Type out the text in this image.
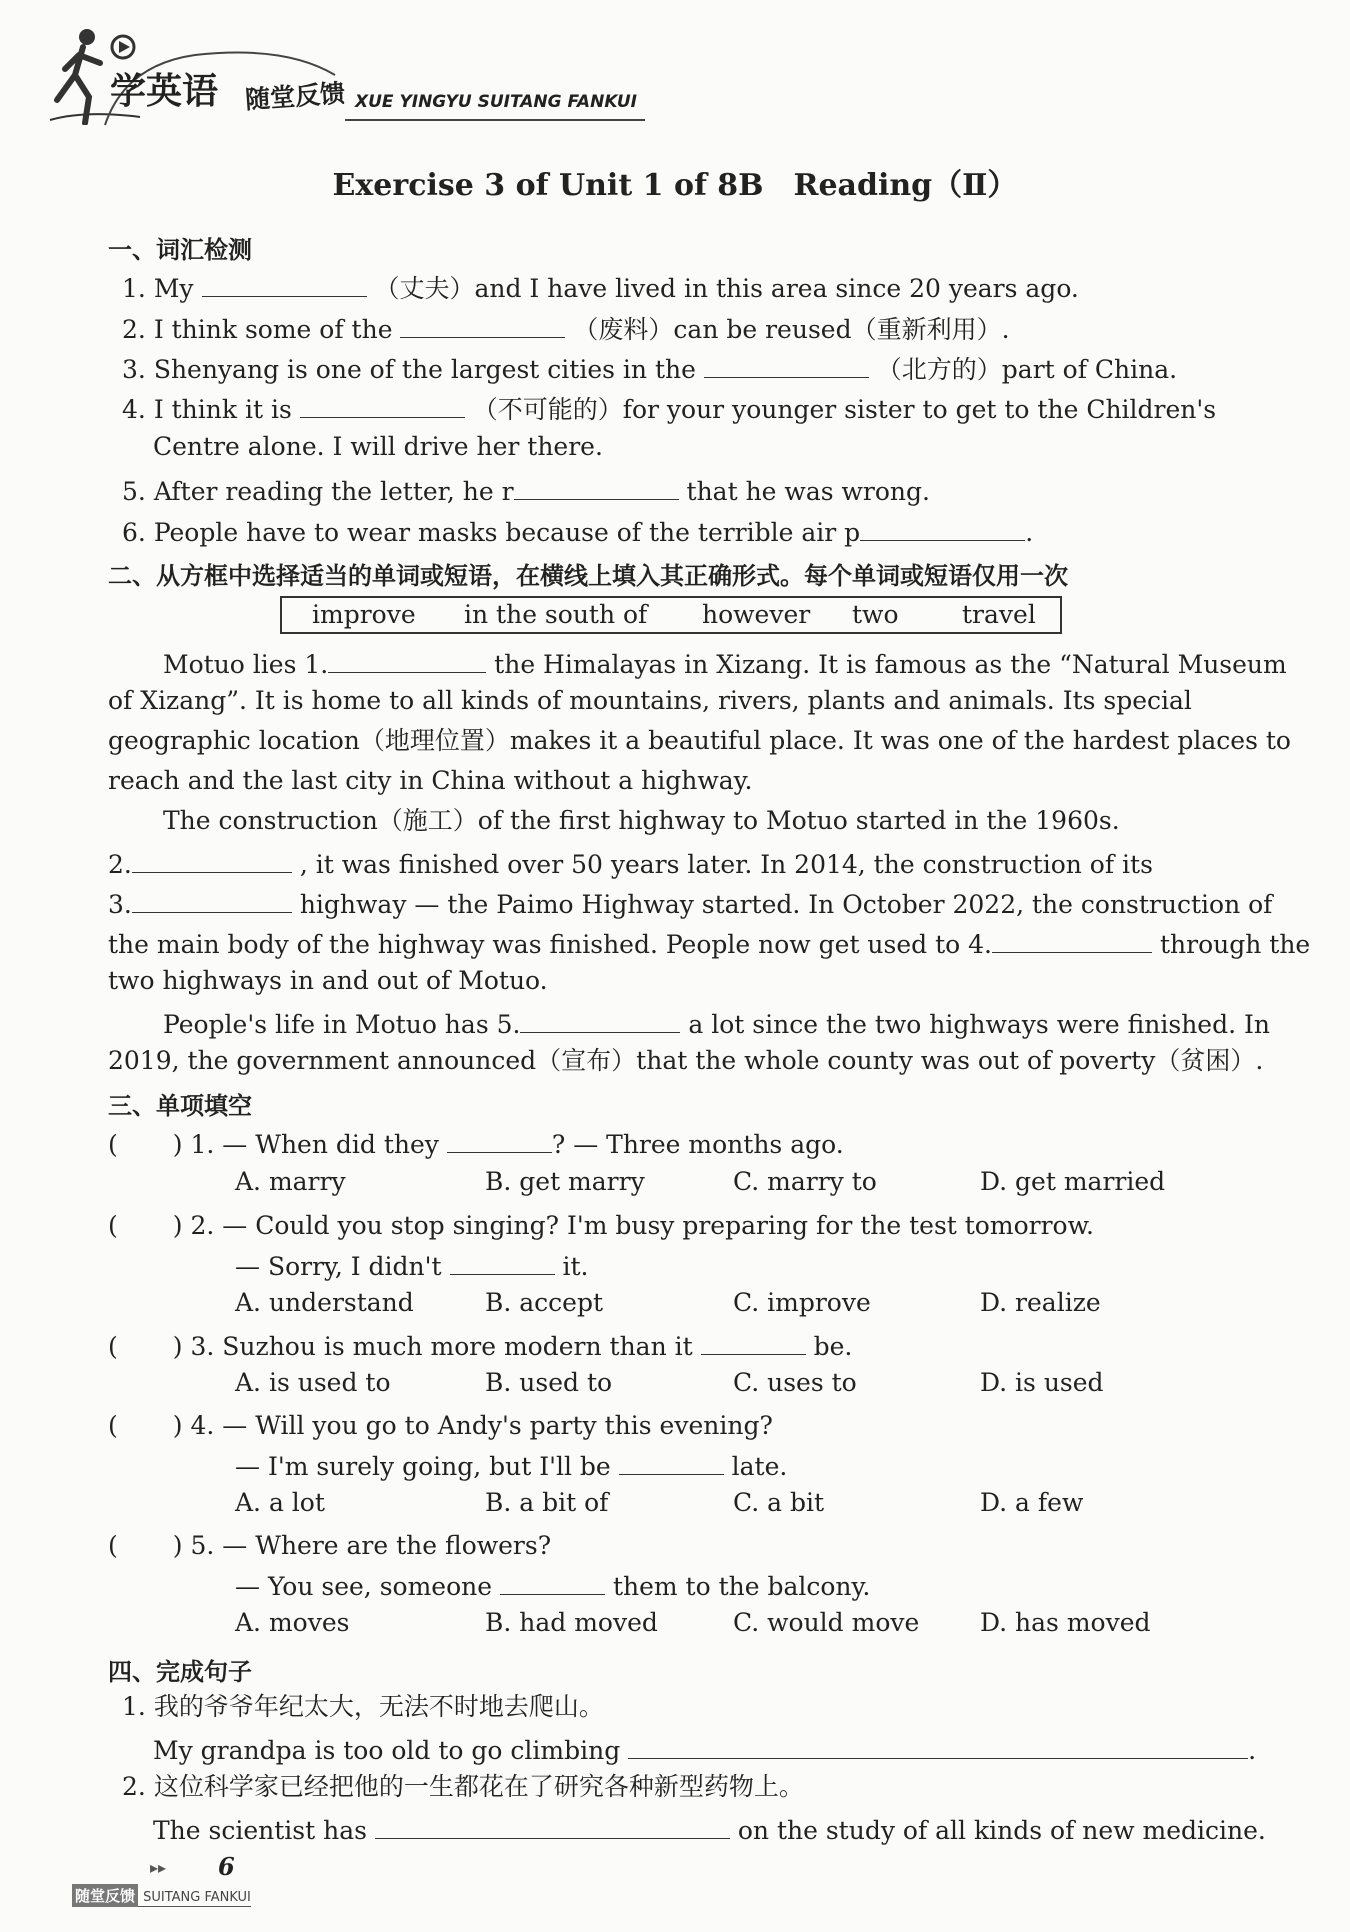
学英语 随堂反馈 XUE YINGYU SUITANG FANKUI
Exercise 3 of Unit 1 of 8B　Reading（Ⅱ）
一、词汇检测
1. My	（丈夫）and I have lived in this area since 20 years ago.
2. I think some of the	（废料）can be reused（重新利用）.
3. Shenyang is one of the largest cities in the	（北方的）part of China.
4. I think it is	（不可能的）for your younger sister to get to the Children's
Centre alone. I will drive her there.
5. After reading the letter, he r	that he was wrong.
6. People have to wear masks because of the terrible air p	.
二、从方框中选择适当的单词或短语，在横线上填入其正确形式。每个单词或短语仅用一次
improve in the south of however two	travel
Motuo lies 1.	the Himalayas in Xizang. It is famous as the “Natural Museum
of Xizang”. It is home to all kinds of mountains, rivers, plants and animals. Its special
geographic location（地理位置）makes it a beautiful place. It was one of the hardest places to
reach and the last city in China without a highway.
The construction（施工）of the first highway to Motuo started in the 1960s.
2.	, it was finished over 50 years later. In 2014, the construction of its
3.	highway — the Paimo Highway started. In October 2022, the construction of
the main body of the highway was finished. People now get used to 4.	through the
two highways in and out of Motuo.
People's life in Motuo has 5.	a lot since the two highways were finished. In
2019, the government announced（宣布）that the whole county was out of poverty（贫困）.
三、单项填空
( ) 1. — When did they	? — Three months ago.
A. marry	B. get marry	C. marry to	D. get married
( ) 2. — Could you stop singing? I'm busy preparing for the test tomorrow.
— Sorry, I didn't	it.
A. understand	B. accept	C. improve	D. realize
( ) 3. Suzhou is much more modern than it	be.
A. is used to	B. used to	C. uses to	D. is used
( ) 4. — Will you go to Andy's party this evening?
— I'm surely going, but I'll be	late.
A. a lot	B. a bit of	C. a bit	D. a few
( ) 5. — Where are the flowers?
— You see, someone	them to the balcony.
A. moves	B. had moved	C. would move D. has moved
四、完成句子
1. 我的爷爷年纪太大，无法不时地去爬山。
My grandpa is too old to go climbing	.
2. 这位科学家已经把他的一生都花在了研究各种新型药物上。
The scientist has	on the study of all kinds of new medicine.
▸▸ 6
随堂反馈 SUITANG FANKUI
